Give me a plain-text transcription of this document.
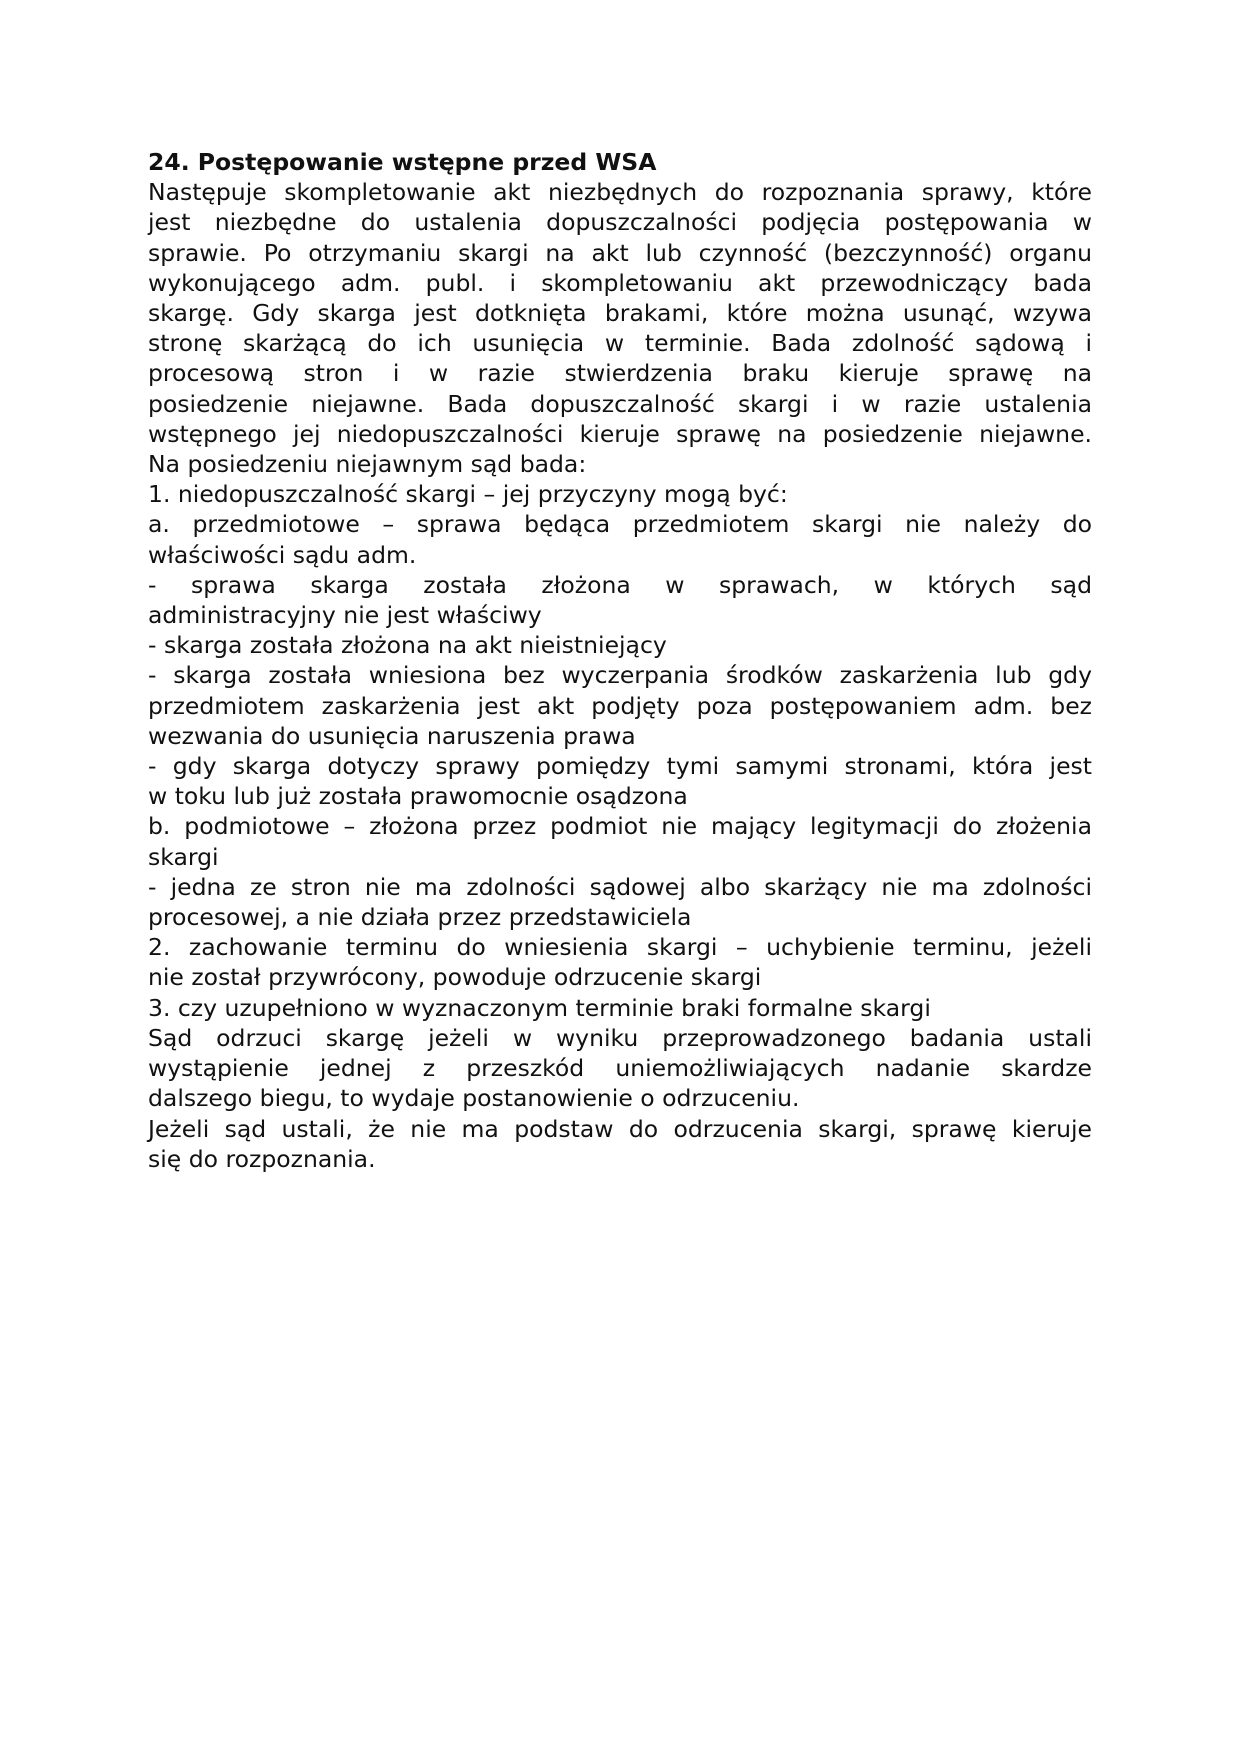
24. Postępowanie wstępne przed WSA

Następuje skompletowanie akt niezbędnych do rozpoznania sprawy, które

jest niezbędne do ustalenia dopuszczalności podjęcia postępowania w

sprawie. Po otrzymaniu skargi na akt lub czynność (bezczynność) organu

wykonującego adm. publ. i skompletowaniu akt przewodniczący bada

skargę. Gdy skarga jest dotknięta brakami, które można usunąć, wzywa

stronę skarżącą do ich usunięcia w terminie. Bada zdolność sądową i

procesową stron i w razie stwierdzenia braku kieruje sprawę na

posiedzenie niejawne. Bada dopuszczalność skargi i w razie ustalenia

wstępnego jej niedopuszczalności kieruje sprawę na posiedzenie niejawne.

Na posiedzeniu niejawnym sąd bada:

1. niedopuszczalność skargi – jej przyczyny mogą być:

a. przedmiotowe – sprawa będąca przedmiotem skargi nie należy do

właściwości sądu adm.

- sprawa skarga została złożona w sprawach, w których sąd

administracyjny nie jest właściwy

- skarga została złożona na akt nieistniejący

- skarga została wniesiona bez wyczerpania środków zaskarżenia lub gdy

przedmiotem zaskarżenia jest akt podjęty poza postępowaniem adm. bez

wezwania do usunięcia naruszenia prawa

- gdy skarga dotyczy sprawy pomiędzy tymi samymi stronami, która jest

w toku lub już została prawomocnie osądzona

b. podmiotowe – złożona przez podmiot nie mający legitymacji do złożenia

skargi

- jedna ze stron nie ma zdolności sądowej albo skarżący nie ma zdolności

procesowej, a nie działa przez przedstawiciela

2. zachowanie terminu do wniesienia skargi – uchybienie terminu, jeżeli

nie został przywrócony, powoduje odrzucenie skargi

3. czy uzupełniono w wyznaczonym terminie braki formalne skargi

Sąd odrzuci skargę jeżeli w wyniku przeprowadzonego badania ustali

wystąpienie jednej z przeszkód uniemożliwiających nadanie skardze

dalszego biegu, to wydaje postanowienie o odrzuceniu.

Jeżeli sąd ustali, że nie ma podstaw do odrzucenia skargi, sprawę kieruje

się do rozpoznania.
